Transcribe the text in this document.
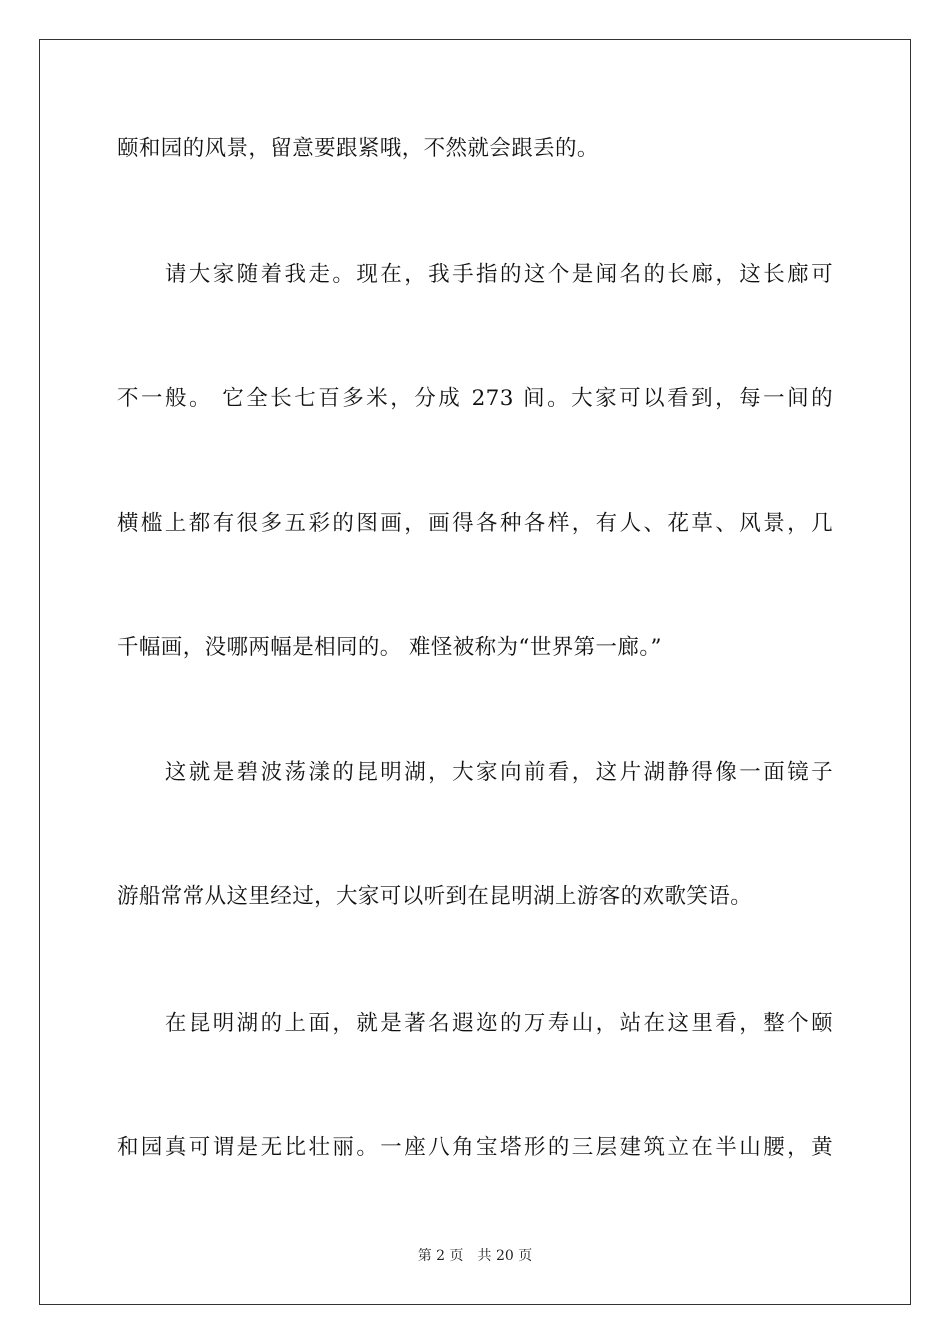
颐和园的风景，留意要跟紧哦，不然就会跟丢的。
　　请大家随着我走。现在，我手指的这个是闻名的长廊，这长廊可
不一般。 它全长七百多米，分成 273 间。大家可以看到，每一间的
横槛上都有很多五彩的图画，画得各种各样，有人、花草、风景，几
千幅画，没哪两幅是相同的。 难怪被称为“世界第一廊。”
　　这就是碧波荡漾的昆明湖，大家向前看，这片湖静得像一面镜子
游船常常从这里经过，大家可以听到在昆明湖上游客的欢歌笑语。
　　在昆明湖的上面，就是著名遐迩的万寿山，站在这里看，整个颐
和园真可谓是无比壮丽。一座八角宝塔形的三层建筑立在半山腰，黄
第 2 页 共 20 页
